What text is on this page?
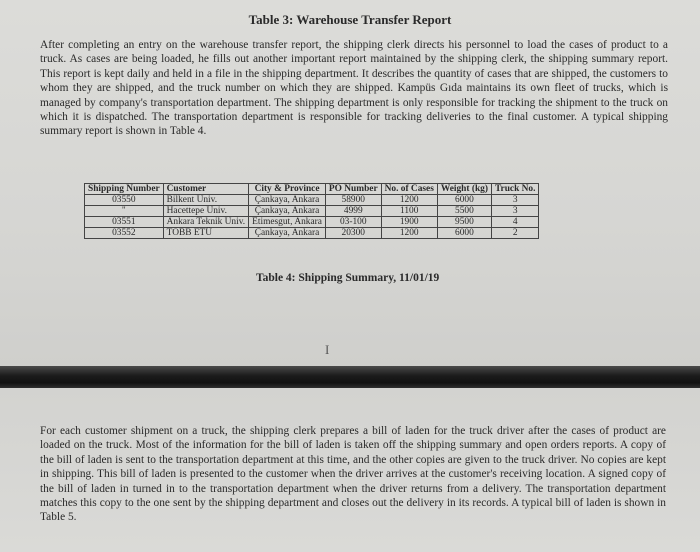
Table 3: Warehouse Transfer Report
After completing an entry on the warehouse transfer report, the shipping clerk directs his personnel to load the cases of product to a truck. As cases are being loaded, he fills out another important report maintained by the shipping clerk, the shipping summary report. This report is kept daily and held in a file in the shipping department. It describes the quantity of cases that are shipped, the customers to whom they are shipped, and the truck number on which they are shipped. Kampüs Gıda maintains its own fleet of trucks, which is managed by company's transportation department. The shipping department is only responsible for tracking the shipment to the truck on which it is dispatched. The transportation department is responsible for tracking deliveries to the final customer. A typical shipping summary report is shown in Table 4.
Shipping Number	Customer	City & Province	PO Number	No. of Cases	Weight (kg)	Truck No.
03550	Bilkent Univ.	Çankaya, Ankara	58900	1200	6000	3
"	Hacettepe Univ.	Çankaya, Ankara	4999	1100	5500	3
03551	Ankara Teknik Univ.	Etimesgut, Ankara	03-100	1900	9500	4
03552	TOBB ETÜ	Çankaya, Ankara	20300	1200	6000	2
Table 4: Shipping Summary, 11/01/19
I
For each customer shipment on a truck, the shipping clerk prepares a bill of laden for the truck driver after the cases of product are loaded on the truck. Most of the information for the bill of laden is taken off the shipping summary and open orders reports. A copy of the bill of laden is sent to the transportation department at this time, and the other copies are given to the truck driver. No copies are kept in shipping. This bill of laden is presented to the customer when the driver arrives at the customer's receiving location. A signed copy of the bill of laden in turned in to the transportation department when the driver returns from a delivery. The transportation department matches this copy to the one sent by the shipping department and closes out the delivery in its records. A typical bill of laden is shown in Table 5.
